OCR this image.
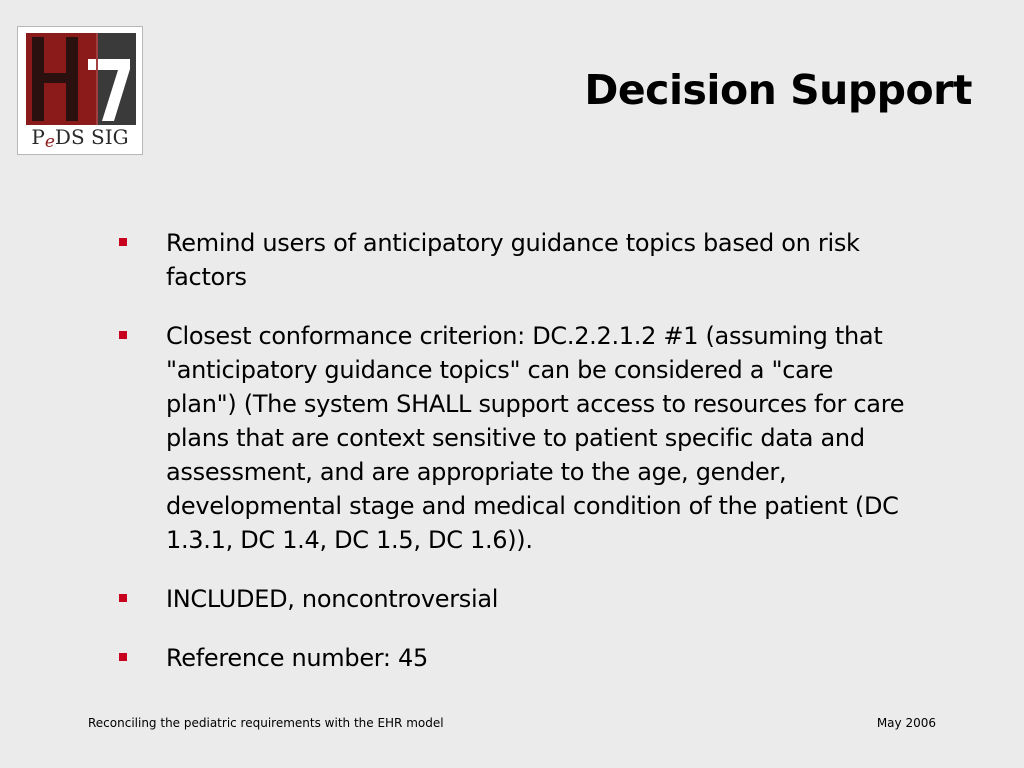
PeDS SIG
Decision Support
Remind users of anticipatory guidance topics based on risk factors
Closest conformance criterion: DC.2.2.1.2 #1 (assuming that "anticipatory guidance topics" can be considered a "care plan") (The system SHALL support access to resources for care plans that are context sensitive to patient specific data and assessment, and are appropriate to the age, gender, developmental stage and medical condition of the patient (DC 1.3.1, DC 1.4, DC 1.5, DC 1.6)).
INCLUDED, noncontroversial
Reference number: 45
Reconciling the pediatric requirements with the EHR model	May 2006
